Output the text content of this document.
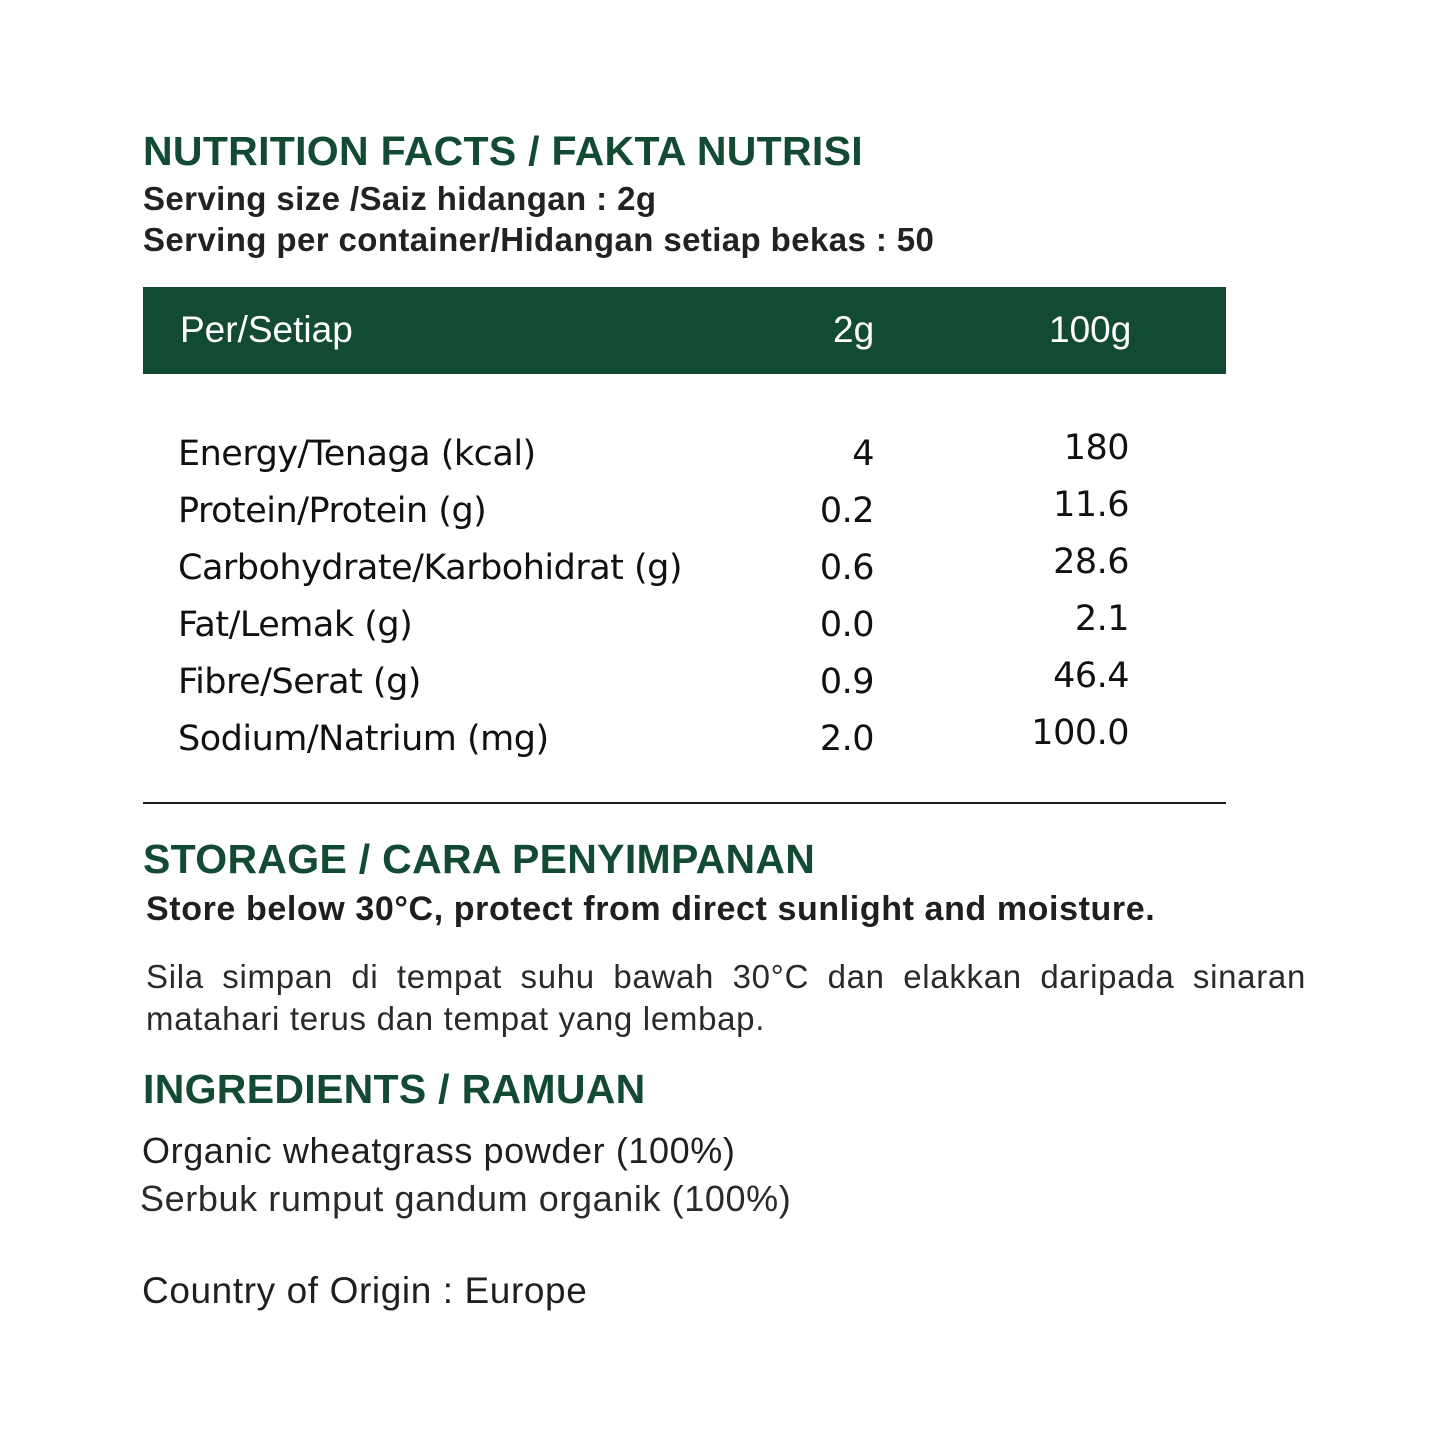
NUTRITION FACTS / FAKTA NUTRISI
Serving size /Saiz hidangan : 2g
Serving per container/Hidangan setiap bekas : 50
Per/Setiap	2g	100g
Energy/Tenaga (kcal)	4	180
Protein/Protein (g)	0.2	11.6
Carbohydrate/Karbohidrat (g)	0.6	28.6
Fat/Lemak (g)	0.0	2.1
Fibre/Serat (g)	0.9	46.4
Sodium/Natrium (mg)	2.0	100.0
STORAGE / CARA PENYIMPANAN
Store below 30°C, protect from direct sunlight and moisture.
Sila simpan di tempat suhu bawah 30°C dan elakkan daripada sinaran matahari terus dan tempat yang lembap.
INGREDIENTS / RAMUAN
Organic wheatgrass powder (100%)
Serbuk rumput gandum organik (100%)
Country of Origin : Europe
